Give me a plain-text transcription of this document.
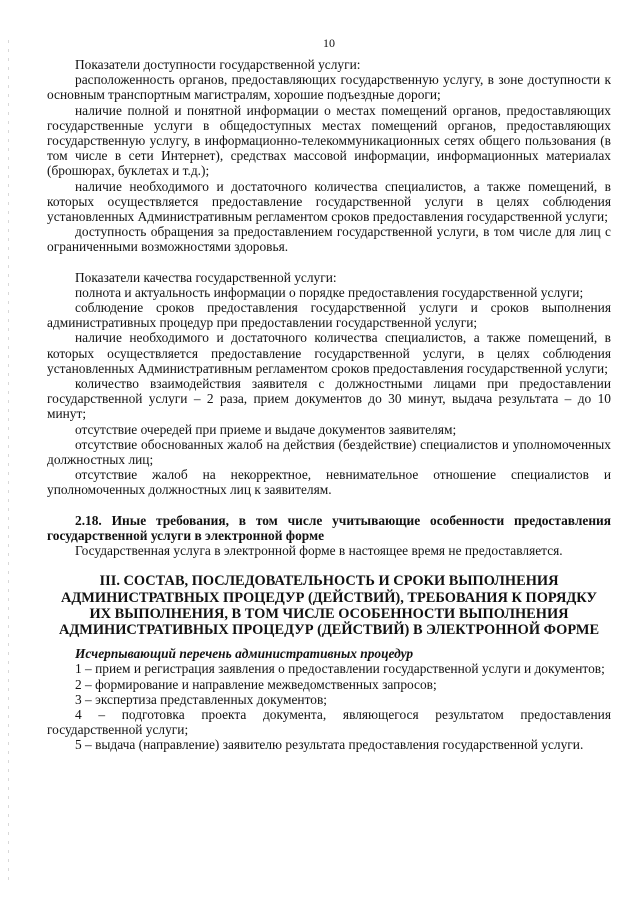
10

Показатели доступности государственной услуги:

расположенность органов, предоставляющих государственную услугу, в зоне доступности к основным транспортным магистралям, хорошие подъездные дороги;

наличие полной и понятной информации о местах помещений органов, предоставляющих государственные услуги в общедоступных местах помещений органов, предоставляющих государственную услугу, в информационно-телекоммуникационных сетях общего пользования (в том числе в сети Интернет), средствах массовой информации, информационных материалах (брошюрах, буклетах и т.д.);

наличие необходимого и достаточного количества специалистов, а также помещений, в которых осуществляется предоставление государственной услуги в целях соблюдения установленных Административным регламентом сроков предоставления государственной услуги;

доступность обращения за предоставлением государственной услуги, в том числе для лиц с ограниченными возможностями здоровья.

Показатели качества государственной услуги:

полнота и актуальность информации о порядке предоставления государственной услуги;

соблюдение сроков предоставления государственной услуги и сроков выполнения административных процедур при предоставлении государственной услуги;

наличие необходимого и достаточного количества специалистов, а также помещений, в которых осуществляется предоставление государственной услуги, в целях соблюдения установленных Административным регламентом сроков предоставления государственной услуги;

количество взаимодействия заявителя с должностными лицами при предоставлении государственной услуги – 2 раза, прием документов до 30 минут, выдача результата – до 10 минут;

отсутствие очередей при приеме и выдаче документов заявителям;

отсутствие обоснованных жалоб на действия (бездействие) специалистов и уполномоченных должностных лиц;

отсутствие жалоб на некорректное, невнимательное отношение специалистов и уполномоченных должностных лиц к заявителям.

2.18. Иные требования, в том числе учитывающие особенности предоставления государственной услуги в электронной форме

Государственная услуга в электронной форме в настоящее время не предоставляется.

III. СОСТАВ, ПОСЛЕДОВАТЕЛЬНОСТЬ И СРОКИ ВЫПОЛНЕНИЯ АДМИНИСТРАТВНЫХ ПРОЦЕДУР (ДЕЙСТВИЙ), ТРЕБОВАНИЯ К ПОРЯДКУ ИХ ВЫПОЛНЕНИЯ, В ТОМ ЧИСЛЕ ОСОБЕННОСТИ ВЫПОЛНЕНИЯ АДМИНИСТРАТИВНЫХ ПРОЦЕДУР (ДЕЙСТВИЙ) В ЭЛЕКТРОННОЙ ФОРМЕ

Исчерпывающий перечень административных процедур

1 – прием и регистрация заявления о предоставлении государственной услуги и документов;

2 – формирование и направление межведомственных запросов;

3 – экспертиза представленных документов;

4 – подготовка проекта документа, являющегося результатом предоставления государственной услуги;

5 – выдача (направление) заявителю результата предоставления государственной услуги.
